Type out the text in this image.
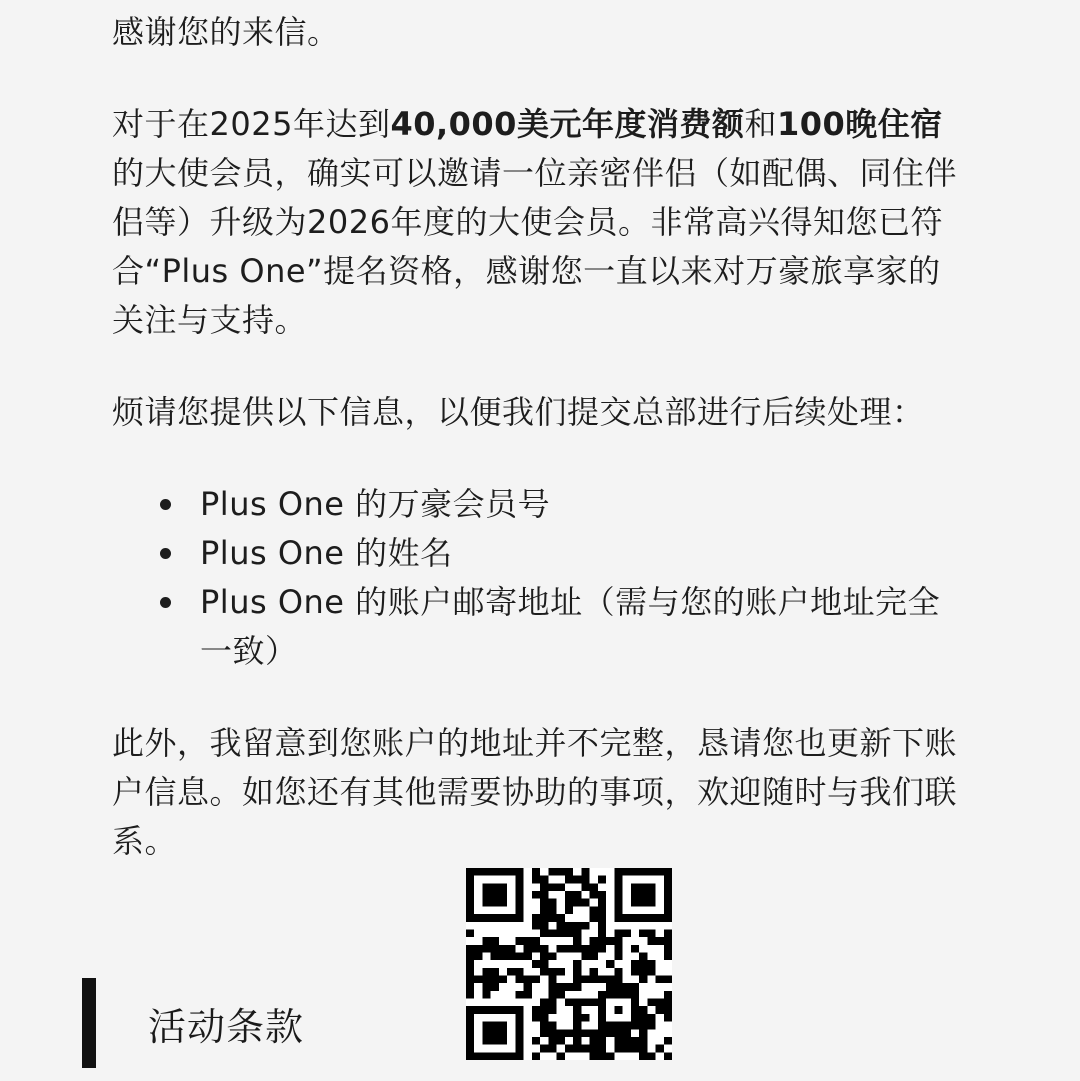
感谢您的来信。

对于在2025年达到40,000美元年度消费额和100晚住宿的大使会员，确实可以邀请一位亲密伴侣（如配偶、同住伴侣等）升级为2026年度的大使会员。非常高兴得知您已符合“Plus One”提名资格，感谢您一直以来对万豪旅享家的关注与支持。

烦请您提供以下信息，以便我们提交总部进行后续处理：

Plus One 的万豪会员号
Plus One 的姓名
Plus One 的账户邮寄地址（需与您的账户地址完全一致）

此外，我留意到您账户的地址并不完整，恳请您也更新下账户信息。如您还有其他需要协助的事项，欢迎随时与我们联系。

活动条款
